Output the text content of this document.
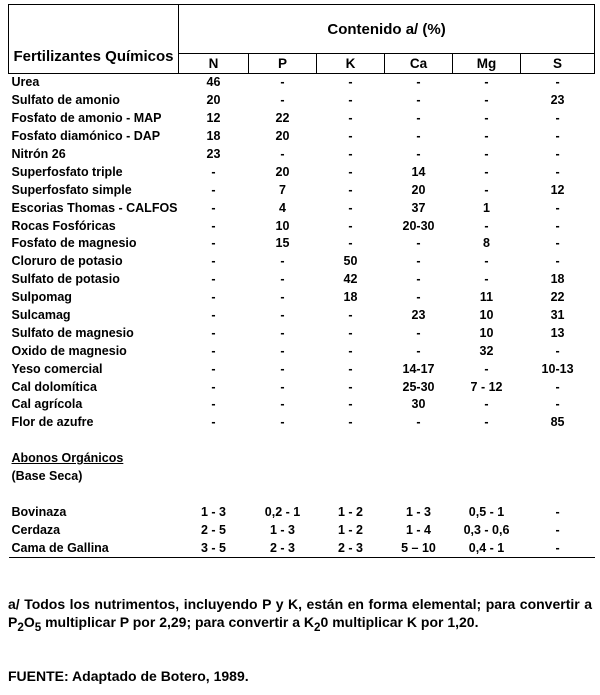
Fertilizantes Químicos	Contenido a/ (%)					
	N	P	K	Ca	Mg	S
Urea	46	-	-	-	-	-
Sulfato de amonio	20	-	-	-	-	23
Fosfato de amonio - MAP	12	22	-	-	-	-
Fosfato diamónico - DAP	18	20	-	-	-	-
Nitrón 26	23	-	-	-	-	-
Superfosfato triple	-	20	-	14	-	-
Superfosfato simple	-	7	-	20	-	12
Escorias Thomas - CALFOS	-	4	-	37	1	-
Rocas Fosfóricas	-	10	-	20-30	-	-
Fosfato de magnesio	-	15	-	-	8	-
Cloruro de potasio	-	-	50	-	-	-
Sulfato de potasio	-	-	42	-	-	18
Sulpomag	-	-	18	-	11	22
Sulcamag	-	-	-	23	10	31
Sulfato de magnesio	-	-	-	-	10	13
Oxido de magnesio	-	-	-	-	32	-
Yeso comercial	-	-	-	14-17	-	10-13
Cal dolomítica	-	-	-	25-30	7 - 12	-
Cal agrícola	-	-	-	30	-	-
Flor de azufre	-	-	-	-	-	85

Abonos Orgánicos						
(Base Seca)						

Bovinaza	1 - 3	0,2 - 1	1 - 2	1 - 3	0,5 - 1	-
Cerdaza	2 - 5	1 - 3	1 - 2	1 - 4	0,3 - 0,6	-
Cama de Gallina	3 - 5	2 - 3	2 - 3	5 – 10	0,4 - 1	-

a/ Todos los nutrimentos, incluyendo P y K, están en forma elemental; para convertir a $P_2O_5$ multiplicar P por 2,29; para convertir a $K_20$ multiplicar K por 1,20.

FUENTE: Adaptado de Botero, 1989.
